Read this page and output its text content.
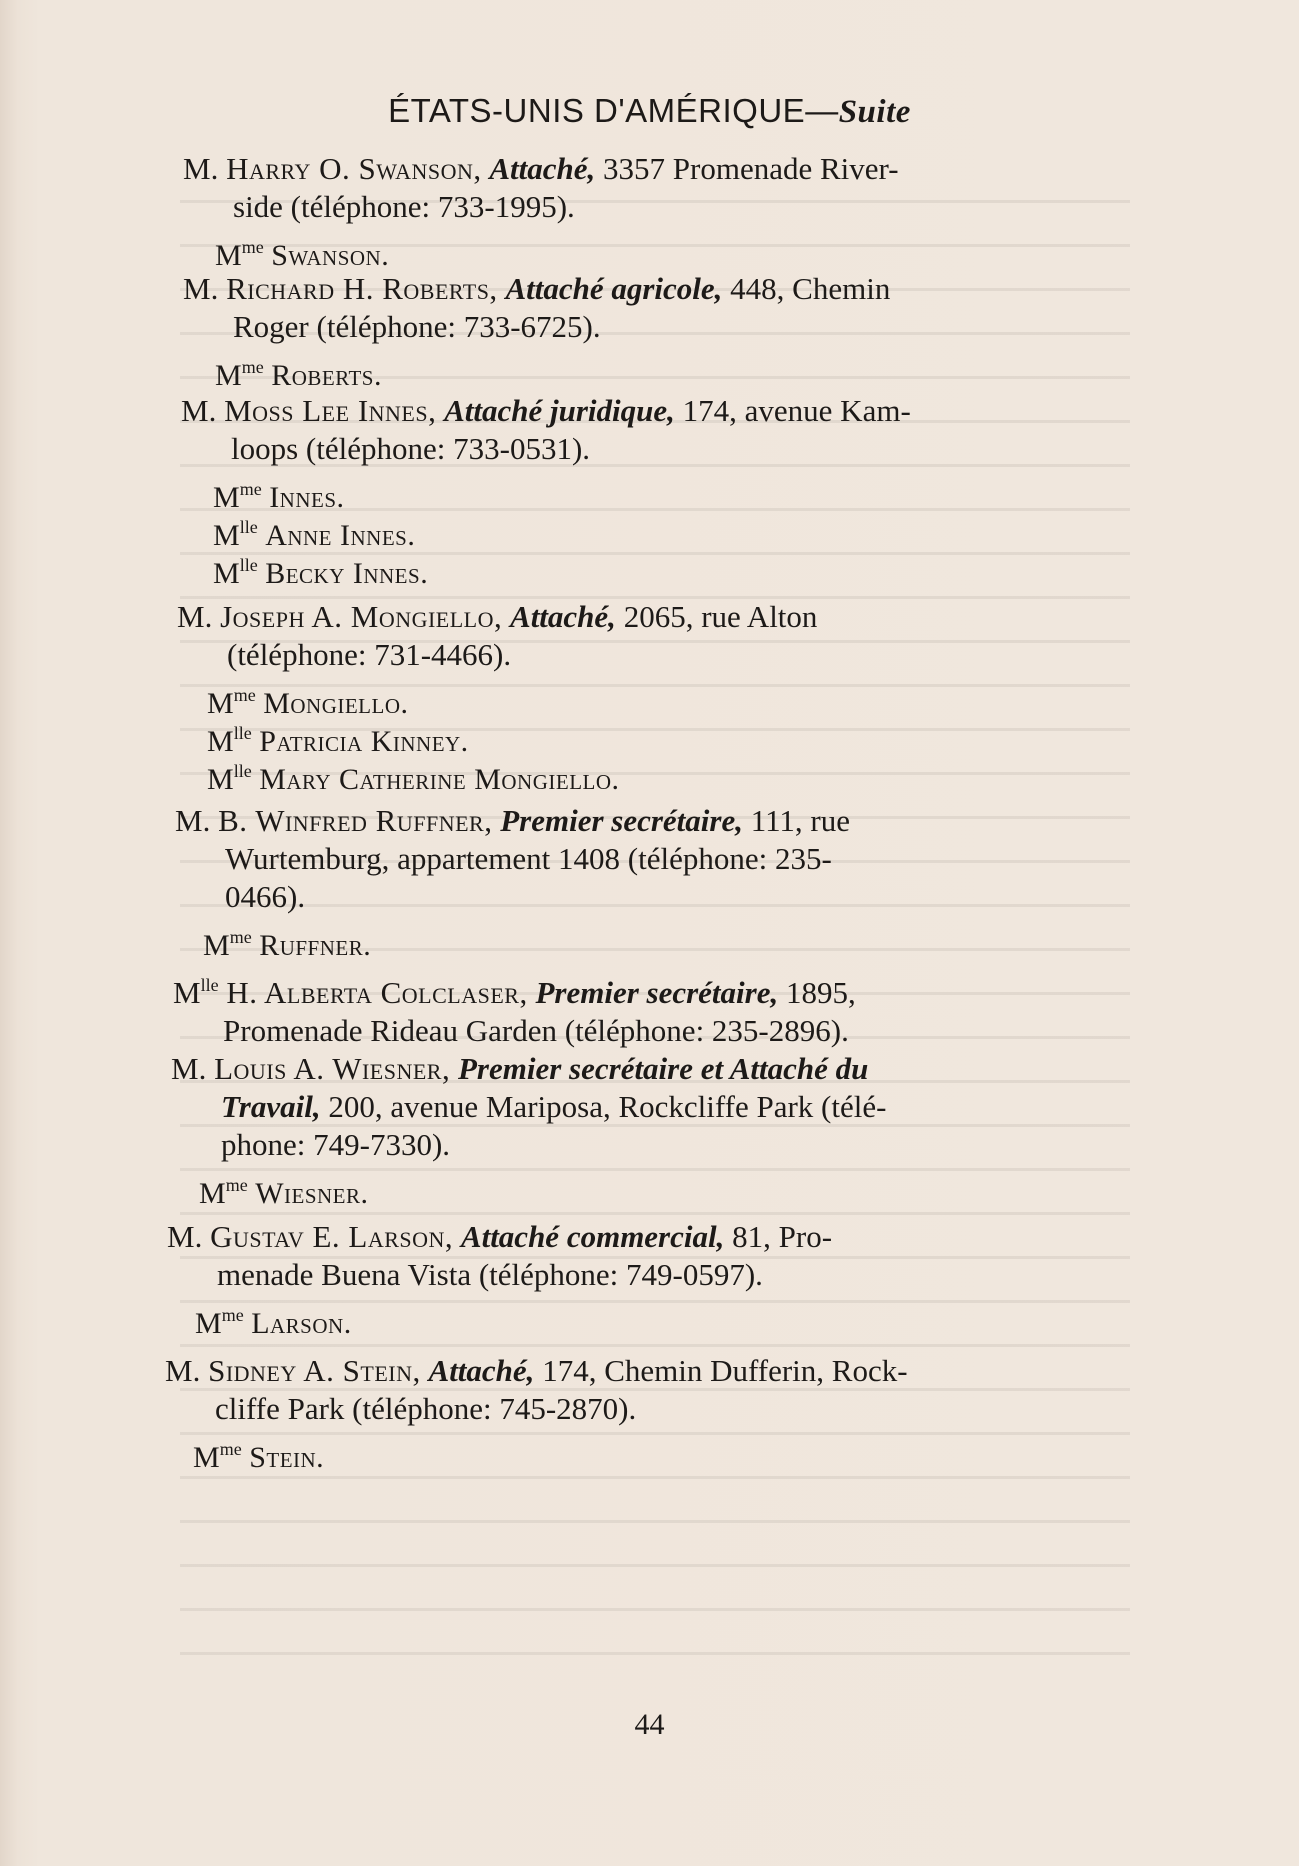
ÉTATS-UNIS D'AMÉRIQUE—Suite
M. Harry O. Swanson, Attaché, 3357 Promenade River-
side (téléphone: 733-1995).
$M^{me}$ Swanson.
M. Richard H. Roberts, Attaché agricole, 448, Chemin
Roger (téléphone: 733-6725).
$M^{me}$ Roberts.
M. Moss Lee Innes, Attaché juridique, 174, avenue Kam-
loops (téléphone: 733-0531).
$M^{me}$ Innes.
$M^{lle}$ Anne Innes.
$M^{lle}$ Becky Innes.
M. Joseph A. Mongiello, Attaché, 2065, rue Alton
(téléphone: 731-4466).
$M^{me}$ Mongiello.
$M^{lle}$ Patricia Kinney.
$M^{lle}$ Mary Catherine Mongiello.
M. B. Winfred Ruffner, Premier secrétaire, 111, rue
Wurtemburg, appartement 1408 (téléphone: 235-
0466).
$M^{me}$ Ruffner.
$M^{lle}$ H. Alberta Colclaser, Premier secrétaire, 1895,
Promenade Rideau Garden (téléphone: 235-2896).
M. Louis A. Wiesner, Premier secrétaire et Attaché du
Travail, 200, avenue Mariposa, Rockcliffe Park (télé-
phone: 749-7330).
$M^{me}$ Wiesner.
M. Gustav E. Larson, Attaché commercial, 81, Pro-
menade Buena Vista (téléphone: 749-0597).
$M^{me}$ Larson.
M. Sidney A. Stein, Attaché, 174, Chemin Dufferin, Rock-
cliffe Park (téléphone: 745-2870).
$M^{me}$ Stein.
44
